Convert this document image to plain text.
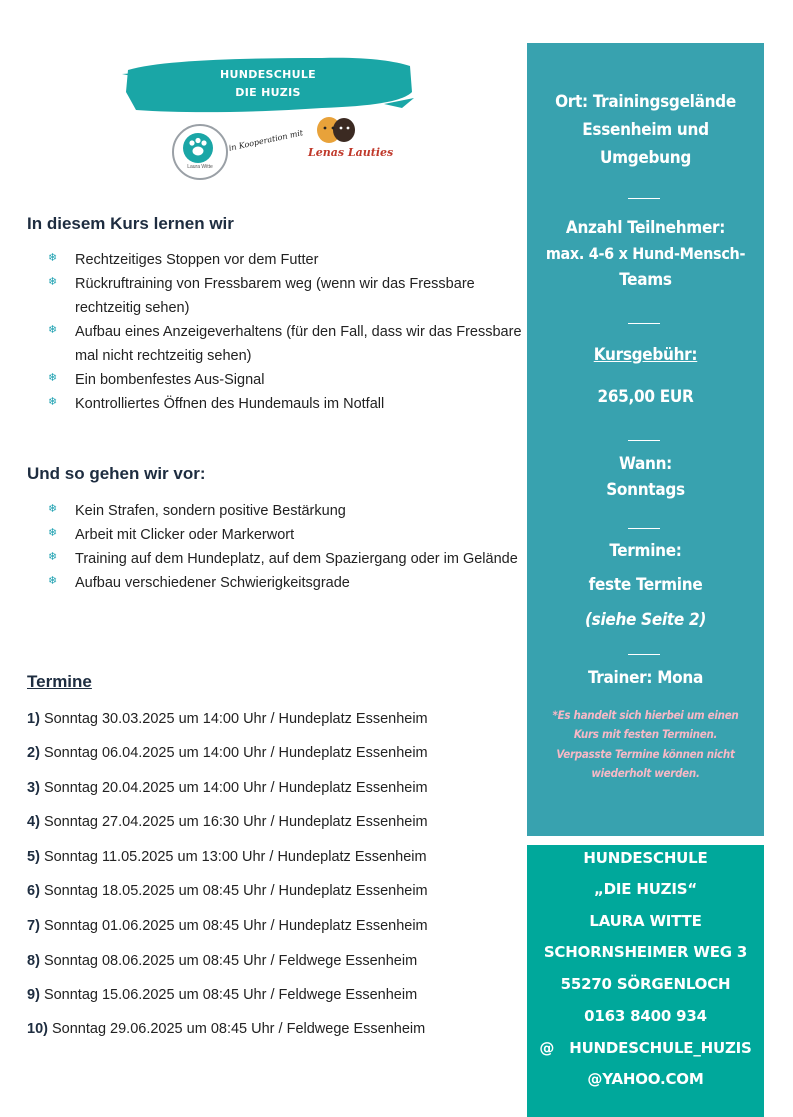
HUNDESCHULE
DIE HUZIS
Laura Witte
in Kooperation mit Lenas Lauties
In diesem Kurs lernen wir
❄ Rechtzeitiges Stoppen vor dem Futter
❄ Rückruftraining von Fressbarem weg (wenn wir das Fressbare rechtzeitig sehen)
❄ Aufbau eines Anzeigeverhaltens (für den Fall, dass wir das Fressbare mal nicht rechtzeitig sehen)
❄ Ein bombenfestes Aus-Signal
❄ Kontrolliertes Öffnen des Hundemauls im Notfall
Und so gehen wir vor:
❄ Kein Strafen, sondern positive Bestärkung
❄ Arbeit mit Clicker oder Markerwort
❄ Training auf dem Hundeplatz, auf dem Spaziergang oder im Gelände
❄ Aufbau verschiedener Schwierigkeitsgrade
Termine
1) Sonntag 30.03.2025 um 14:00 Uhr / Hundeplatz Essenheim
2) Sonntag 06.04.2025 um 14:00 Uhr / Hundeplatz Essenheim
3) Sonntag 20.04.2025 um 14:00 Uhr / Hundeplatz Essenheim
4) Sonntag 27.04.2025 um 16:30 Uhr / Hundeplatz Essenheim
5) Sonntag 11.05.2025 um 13:00 Uhr / Hundeplatz Essenheim
6) Sonntag 18.05.2025 um 08:45 Uhr / Hundeplatz Essenheim
7) Sonntag 01.06.2025 um 08:45 Uhr / Hundeplatz Essenheim
8) Sonntag 08.06.2025 um 08:45 Uhr / Feldwege Essenheim
9) Sonntag 15.06.2025 um 08:45 Uhr / Feldwege Essenheim
10) Sonntag 29.06.2025 um 08:45 Uhr / Feldwege Essenheim
Ort: Trainingsgelände
Essenheim und
Umgebung
Anzahl Teilnehmer:
max. 4-6 x Hund-Mensch-
Teams
Kursgebühr:
265,00 EUR
Wann:
Sonntags
Termine:
feste Termine
(siehe Seite 2)
Trainer: Mona
*Es handelt sich hierbei um einen
Kurs mit festen Terminen.
Verpasste Termine können nicht
wiederholt werden.
HUNDESCHULE
„DIE HUZIS“
LAURA WITTE
SCHORNSHEIMER WEG 3
55270 SÖRGENLOCH
0163 8400 934
@   HUNDESCHULE_HUZIS
@YAHOO.COM
